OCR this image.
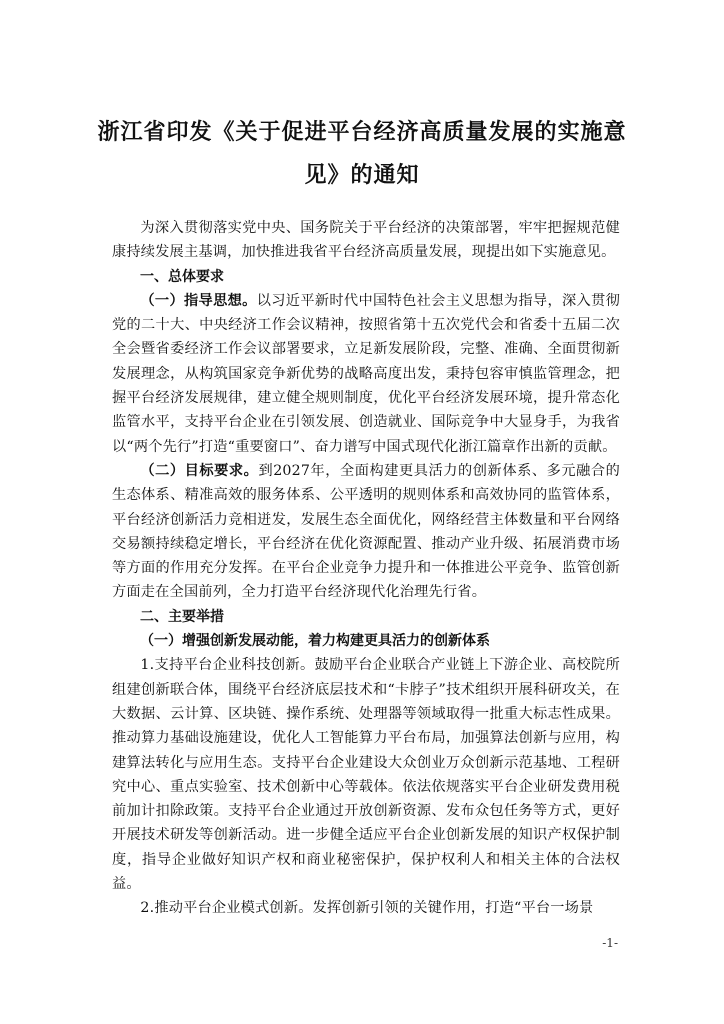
浙江省印发《关于促进平台经济高质量发展的实施意
见》的通知

为深入贯彻落实党中央、国务院关于平台经济的决策部署，牢牢把握规范健康持续发展主基调，加快推进我省平台经济高质量发展，现提出如下实施意见。

一、总体要求

（一）指导思想。以习近平新时代中国特色社会主义思想为指导，深入贯彻党的二十大、中央经济工作会议精神，按照省第十五次党代会和省委十五届二次全会暨省委经济工作会议部署要求，立足新发展阶段，完整、准确、全面贯彻新发展理念，从构筑国家竞争新优势的战略高度出发，秉持包容审慎监管理念，把握平台经济发展规律，建立健全规则制度，优化平台经济发展环境，提升常态化监管水平，支持平台企业在引领发展、创造就业、国际竞争中大显身手，为我省以“两个先行”打造“重要窗口”、奋力谱写中国式现代化浙江篇章作出新的贡献。

（二）目标要求。到2027年，全面构建更具活力的创新体系、多元融合的生态体系、精准高效的服务体系、公平透明的规则体系和高效协同的监管体系，平台经济创新活力竞相迸发，发展生态全面优化，网络经营主体数量和平台网络交易额持续稳定增长，平台经济在优化资源配置、推动产业升级、拓展消费市场等方面的作用充分发挥。在平台企业竞争力提升和一体推进公平竞争、监管创新方面走在全国前列，全力打造平台经济现代化治理先行省。

二、主要举措

（一）增强创新发展动能，着力构建更具活力的创新体系

1.支持平台企业科技创新。鼓励平台企业联合产业链上下游企业、高校院所组建创新联合体，围绕平台经济底层技术和“卡脖子”技术组织开展科研攻关，在大数据、云计算、区块链、操作系统、处理器等领域取得一批重大标志性成果。推动算力基础设施建设，优化人工智能算力平台布局，加强算法创新与应用，构建算法转化与应用生态。支持平台企业建设大众创业万众创新示范基地、工程研究中心、重点实验室、技术创新中心等载体。依法依规落实平台企业研发费用税前加计扣除政策。支持平台企业通过开放创新资源、发布众包任务等方式，更好开展技术研发等创新活动。进一步健全适应平台企业创新发展的知识产权保护制度，指导企业做好知识产权和商业秘密保护，保护权利人和相关主体的合法权益。

2.推动平台企业模式创新。发挥创新引领的关键作用，打造“平台一场景

-1-
